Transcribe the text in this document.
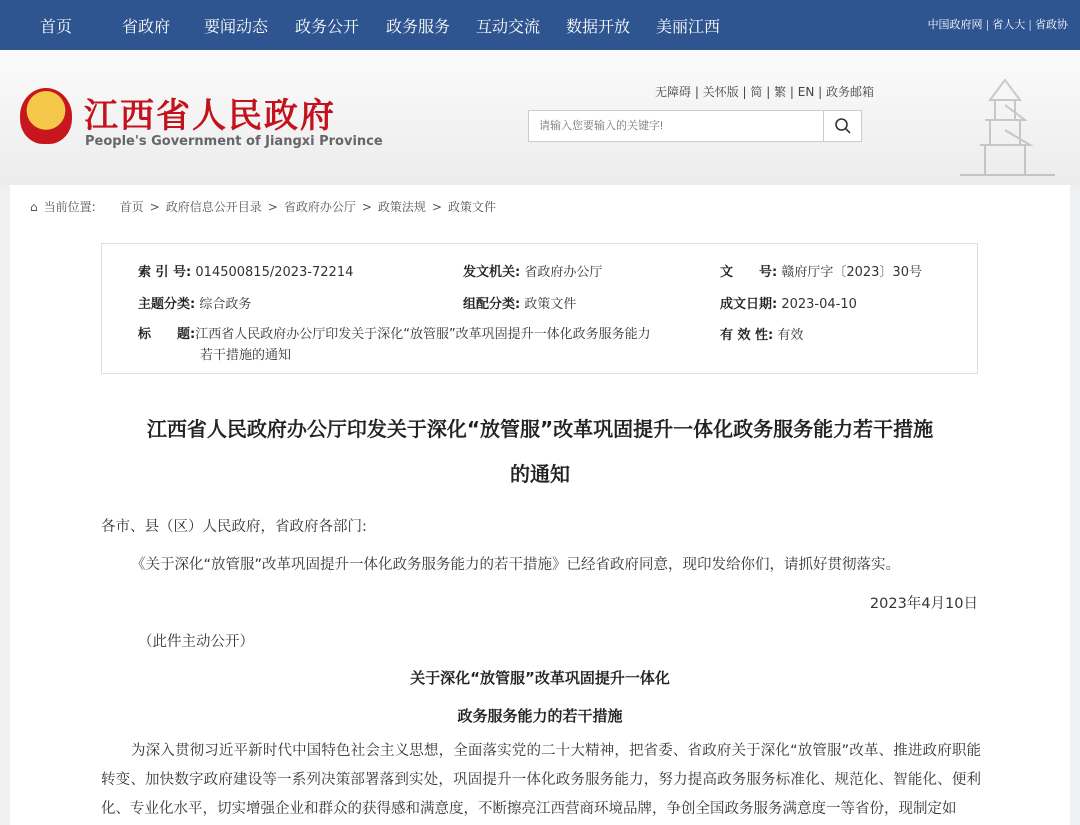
首页	省政府 要闻动态 政务公开 政务服务 互动交流 数据开放 美丽江西	中国政府网 | 省人大 | 省政协
★
江西省人民政府
People's Government of Jiangxi Province
无障碍 | 关怀版 | 简 | 繁 | EN | 政务邮箱
请输入您要输入的关键字!
⌂ 当前位置: 首页 > 政府信息公开目录 > 省政府办公厅 > 政策法规 > 政策文件
索 引 号: 014500815/2023-72214	发文机关: 省政府办公厅	文　　号: 赣府厅字〔2023〕30号
主题分类: 综合政务	组配分类: 政策文件	成文日期: 2023-04-10
标　　题:江西省人民政府办公厅印发关于深化“放管服”改革巩固提升一体化政务服务能力
若干措施的通知
有 效 性: 有效
江西省人民政府办公厅印发关于深化“放管服”改革巩固提升一体化政务服务能力若干措施
的通知
各市、县（区）人民政府，省政府各部门:
《关于深化“放管服”改革巩固提升一体化政务服务能力的若干措施》已经省政府同意，现印发给你们，请抓好贯彻落实。
2023年4月10日
（此件主动公开）
关于深化“放管服”改革巩固提升一体化
政务服务能力的若干措施
为深入贯彻习近平新时代中国特色社会主义思想，全面落实党的二十大精神，把省委、省政府关于深化“放管服”改革、推进政府职能转变、加快数字政府建设等一系列决策部署落到实处，巩固提升一体化政务服务能力，努力提高政务服务标准化、规范化、智能化、便利化、专业化水平，切实增强企业和群众的获得感和满意度，不断擦亮江西营商环境品牌，争创全国政务服务满意度一等省份，现制定如
